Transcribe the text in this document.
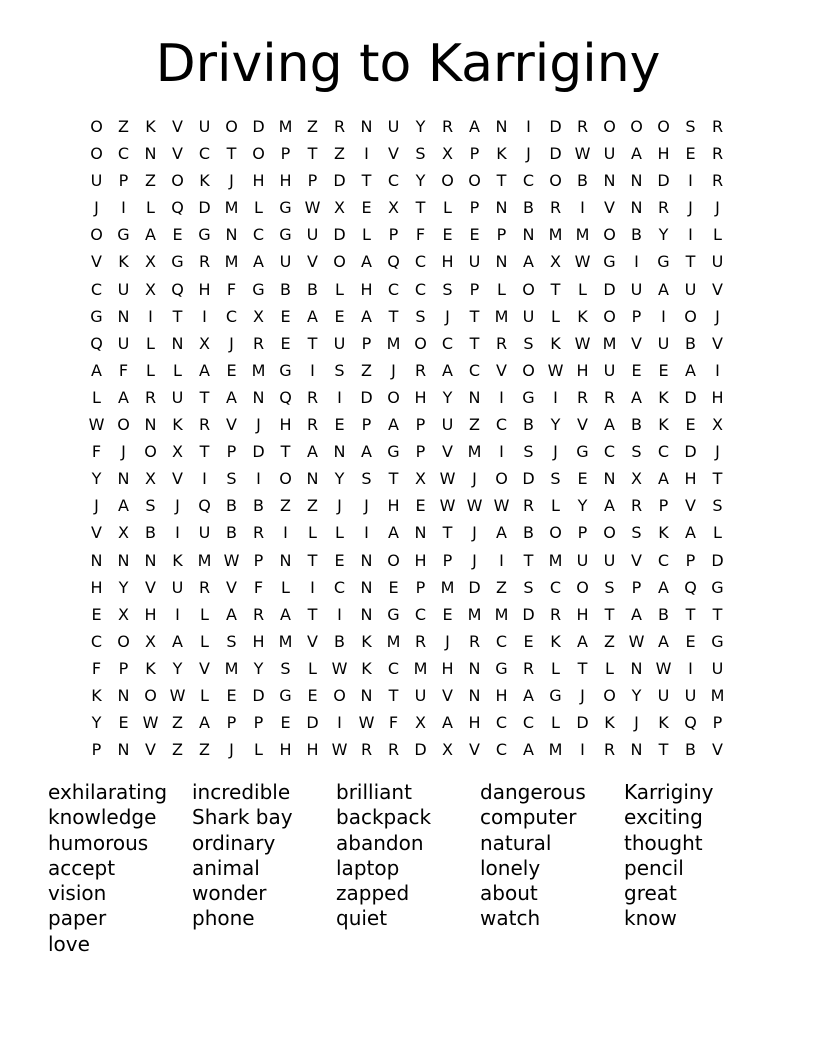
Driving to Karriginy
O Z	K	V U O D M Z R N U	Y	R A N	I	D R O O O S	R
O C N V C	T O P	T	Z	I	V	S	X	P	K	J	D W U A H E	R
U	P	Z O K	J	H H	P	D T	C	Y O O T	C O B N N D	I	R
J	I	L	Q D M L	G W X	E	X	T	L	P	N B R	I	V N R	J	J
O G A	E G N C G U D	L	P	F	E	E	P	N M M O B	Y	I	L
V	K	X G R M A U V O A Q C H U N A	X W G	I	G T	U
C U X Q H	F	G B	B	L	H C C	S	P	L	O T	L	D U A U V
G N	I	T	I	C X	E	A	E	A	T	S	J	T M U	L	K O P	I	O	J
Q U	L	N X	J	R	E	T	U	P M O C	T	R	S	K W M V U B	V
A	F	L	L	A	E M G	I	S	Z	J	R A C V O W H U	E	E	A	I
L	A R U	T	A N Q R	I	D O H	Y	N	I	G	I	R R A	K D H
W O N K	R V	J	H R	E	P	A	P	U Z C B	Y	V	A	B	K	E	X
F	J	O X	T	P	D T	A N A G P	V M	I	S	J	G C	S	C D	J
Y	N X	V	I	S	I	O N	Y	S	T	X W	J	O D S	E N X	A H	T
J	A	S	J	Q B	B	Z	Z	J	J	H E W W W R	L	Y	A R	P	V	S
V	X	B	I	U B R	I	L	L	I	A N	T	J	A	B O P O S	K	A	L
N N N K M W P	N	T	E N O H	P	J	I	T M U U V C	P	D
H	Y	V U R V	F	L	I	C N E	P M D Z	S	C O S	P	A Q G
E	X H	I	L	A R A	T	I	N G C	E M M D R H	T	A	B	T	T
C O X	A	L	S H M V	B	K M R	J	R C	E	K	A	Z W A	E G
F	P	K	Y	V M Y	S	L W K	C M H N G R	L	T	L	N W	I	U
K N O W L	E D G E O N	T	U V N H A G	J	O Y	U U M
Y	E W Z	A	P	P	E D	I	W F	X	A H C C	L	D K	J	K Q P
P	N V	Z	Z	J	L	H H W R R D X	V C A M	I	R N	T	B	V
exhilarating
knowledge
humorous
accept
vision
paper
love
incredible
Shark bay
ordinary
animal
wonder
phone
brilliant
backpack
abandon
laptop
zapped
quiet
dangerous
computer
natural
lonely
about
watch
Karriginy
exciting
thought
pencil
great
know
